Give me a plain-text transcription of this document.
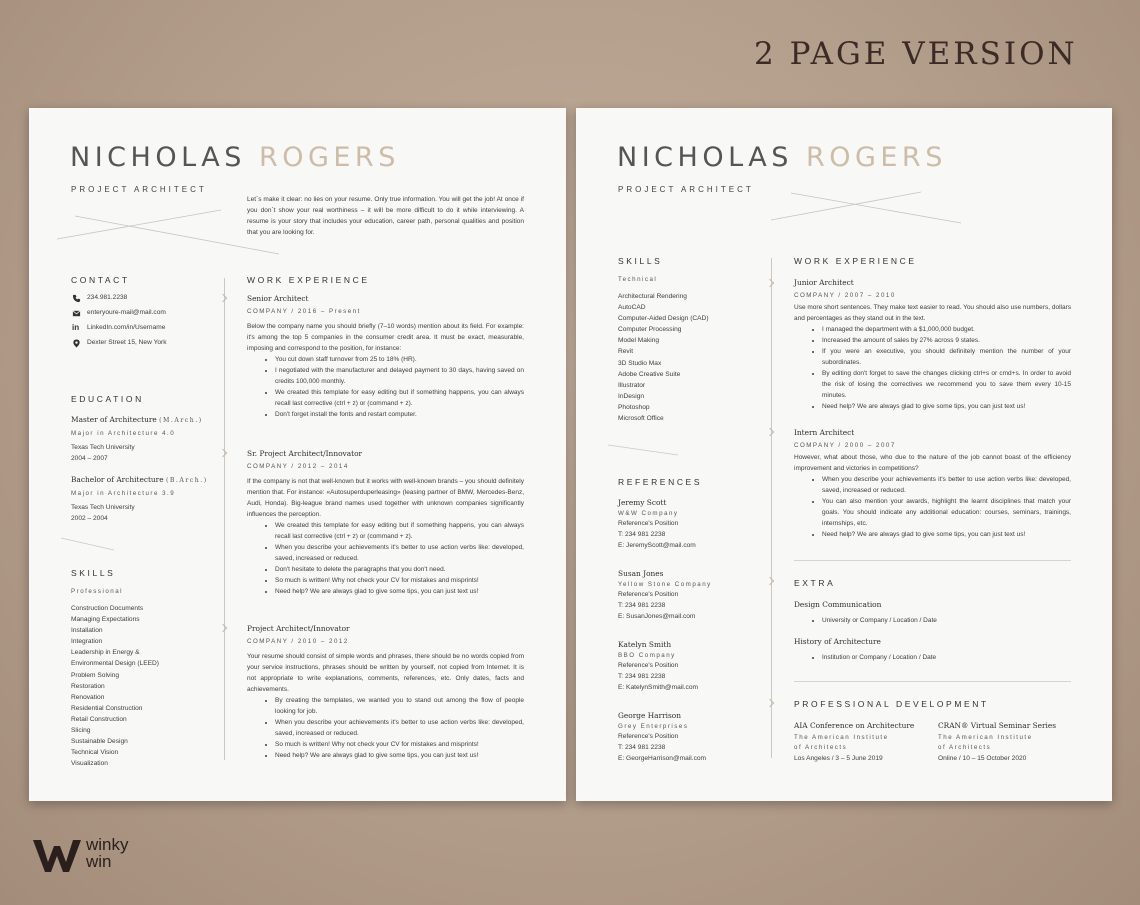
2 PAGE VERSION
NICHOLAS ROGERS
PROJECT ARCHITECT
Let`s make it clear: no lies on your resume. Only true information. You will get the job! At once if you don`t show your real worthiness – it will be more difficult to do it while interviewing. A resume is your story that includes your education, career path, personal qualities and position that you are looking for.
CONTACT
234.981.2238
enteryoure-mail@mail.com
in LinkedIn.com/in/Username
Dexter Street 15, New York
EDUCATION
Master of Architecture (M.Arch.)
Major in Architecture 4.0
Texas Tech University
2004 – 2007
Bachelor of Architecture (B.Arch.)
Major in Architecture 3.9
Texas Tech University
2002 – 2004
SKILLS
Professional
Construction Documents
Managing Expectations
Installation
Integration
Leadership in Energy &
Environmental Design (LEED)
Problem Solving
Restoration
Renovation
Residential Construction
Retail Construction
Slicing
Sustainable Design
Technical Vision
Visualization
WORK EXPERIENCE
Senior Architect
COMPANY / 2016 – Present
Below the company name you should briefly (7–10 words) mention about its field. For example: it's among the top 5 companies in the consumer credit area. It must be exact, measurable, imposing and correspond to the position, for instance:
• You cut down staff turnover from 25 to 18% (HR).
• I negotiated with the manufacturer and delayed payment to 30 days, having saved on credits 100,000 monthly.
• We created this template for easy editing but if something happens, you can always recall last corrective (ctrl + z) or (command + z).
• Don't forget install the fonts and restart computer.
Sr. Project Architect/Innovator
COMPANY / 2012 – 2014
If the company is not that well-known but it works with well-known brands – you should definitely mention that. For instance: «Autosuperduperleasing» (leasing partner of BMW, Mercedes-Benz, Audi, Honda). Big-league brand names used together with unknown companies significantly influences the perception.
• We created this template for easy editing but if something happens, you can always recall last corrective (ctrl + z) or (command + z).
• When you describe your achievements it's better to use action verbs like: developed, saved, increased or reduced.
• Don't hesitate to delete the paragraphs that you don't need.
• So much is written! Why not check your CV for mistakes and misprints!
• Need help? We are always glad to give some tips, you can just text us!
Project Architect/Innovator
COMPANY / 2010 – 2012
Your resume should consist of simple words and phrases, there should be no words copied from your service instructions, phrases should be written by yourself, not copied from Internet. It is not appropriate to write explanations, comments, references, etc. Only dates, facts and achievements.
• By creating the templates, we wanted you to stand out among the flow of people looking for job.
• When you describe your achievements it's better to use action verbs like: developed, saved, increased or reduced.
• So much is written! Why not check your CV for mistakes and misprints!
• Need help? We are always glad to give some tips, you can just text us!
NICHOLAS ROGERS
PROJECT ARCHITECT
SKILLS
Technical
Architectural Rendering
AutoCAD
Computer-Aided Design (CAD)
Computer Processing
Model Making
Revit
3D Studio Max
Adobe Creative Suite
Illustrator
InDesign
Photoshop
Microsoft Office
REFERENCES
Jeremy Scott
W&W Company
Reference's Position
T: 234 981 2238
E: JeremyScott@mail.com
Susan Jones
Yellow Stone Company
Reference's Position
T: 234 981 2238
E: SusanJones@mail.com
Katelyn Smith
BBO Company
Reference's Position
T: 234 981 2238
E: KatelynSmith@mail.com
George Harrison
Grey Enterprises
Reference's Position
T: 234 981 2238
E: GeorgeHarrison@mail.com
WORK EXPERIENCE
Junior Architect
COMPANY / 2007 – 2010
Use more short sentences. They make text easier to read. You should also use numbers, dollars and percentages as they stand out in the text.
• I managed the department with a $1,000,000 budget.
• Increased the amount of sales by 27% across 9 states.
• If you were an executive, you should definitely mention the number of your subordinates.
• By editing don't forget to save the changes clicking ctrl+s or cmd+s. In order to avoid the risk of losing the correctives we recommend you to save them every 10-15 minutes.
• Need help? We are always glad to give some tips, you can just text us!
Intern Architect
COMPANY / 2000 – 2007
However, what about those, who due to the nature of the job cannot boast of the efficiency improvement and victories in competitions?
• When you describe your achievements it's better to use action verbs like: developed, saved, increased or reduced.
• You can also mention your awards, highlight the learnt disciplines that match your goals. You should indicate any additional education: courses, seminars, trainings, internships, etc.
• Need help? We are always glad to give some tips, you can just text us!
EXTRA
Design Communication
• University or Company / Location / Date
History of Architecture
• Institution or Company / Location / Date
PROFESSIONAL DEVELOPMENT
AIA Conference on Architecture
The American Institute
of Architects
Los Angeles / 3 – 5 June 2019
CRAN® Virtual Seminar Series
The American Institute
of Architects
Online / 10 – 15 October 2020
winky
win
